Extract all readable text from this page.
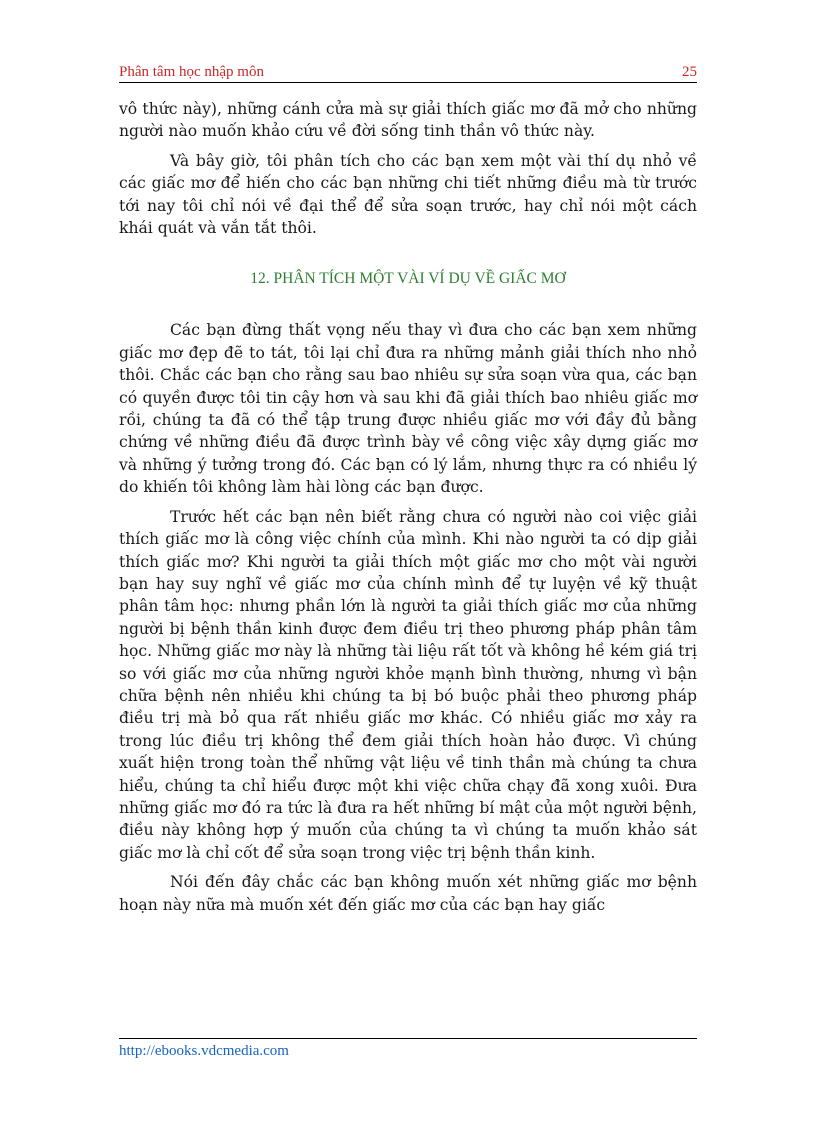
Phân tâm học nhập môn	25

vô thức này), những cánh cửa mà sự giải thích giấc mơ đã mở cho những người nào muốn khảo cứu về đời sống tinh thần vô thức này.

Và bây giờ, tôi phân tích cho các bạn xem một vài thí dụ nhỏ về các giấc mơ để hiến cho các bạn những chi tiết những điều mà từ trước tới nay tôi chỉ nói về đại thể để sửa soạn trước, hay chỉ nói một cách khái quát và vắn tắt thôi.

12. PHÂN TÍCH MỘT VÀI VÍ DỤ VỀ GIẤC MƠ

Các bạn đừng thất vọng nếu thay vì đưa cho các bạn xem những giấc mơ đẹp đẽ to tát, tôi lại chỉ đưa ra những mảnh giải thích nho nhỏ thôi. Chắc các bạn cho rằng sau bao nhiêu sự sửa soạn vừa qua, các bạn có quyền được tôi tin cậy hơn và sau khi đã giải thích bao nhiêu giấc mơ rồi, chúng ta đã có thể tập trung được nhiều giấc mơ với đầy đủ bằng chứng về những điều đã được trình bày về công việc xây dựng giấc mơ và những ý tưởng trong đó. Các bạn có lý lắm, nhưng thực ra có nhiều lý do khiến tôi không làm hài lòng các bạn được.

Trước hết các bạn nên biết rằng chưa có người nào coi việc giải thích giấc mơ là công việc chính của mình. Khi nào người ta có dịp giải thích giấc mơ? Khi người ta giải thích một giấc mơ cho một vài người bạn hay suy nghĩ về giấc mơ của chính mình để tự luyện về kỹ thuật phân tâm học: nhưng phần lớn là người ta giải thích giấc mơ của những người bị bệnh thần kinh được đem điều trị theo phương pháp phân tâm học. Những giấc mơ này là những tài liệu rất tốt và không hề kém giá trị so với giấc mơ của những người khỏe mạnh bình thường, nhưng vì bận chữa bệnh nên nhiều khi chúng ta bị bó buộc phải theo phương pháp điều trị mà bỏ qua rất nhiều giấc mơ khác. Có nhiều giấc mơ xảy ra trong lúc điều trị không thể đem giải thích hoàn hảo được. Vì chúng xuất hiện trong toàn thể những vật liệu về tinh thần mà chúng ta chưa hiểu, chúng ta chỉ hiểu được một khi việc chữa chạy đã xong xuôi. Đưa những giấc mơ đó ra tức là đưa ra hết những bí mật của một người bệnh, điều này không hợp ý muốn của chúng ta vì chúng ta muốn khảo sát giấc mơ là chỉ cốt để sửa soạn trong việc trị bệnh thần kinh.

Nói đến đây chắc các bạn không muốn xét những giấc mơ bệnh hoạn này nữa mà muốn xét đến giấc mơ của các bạn hay giấc

http://ebooks.vdcmedia.com
